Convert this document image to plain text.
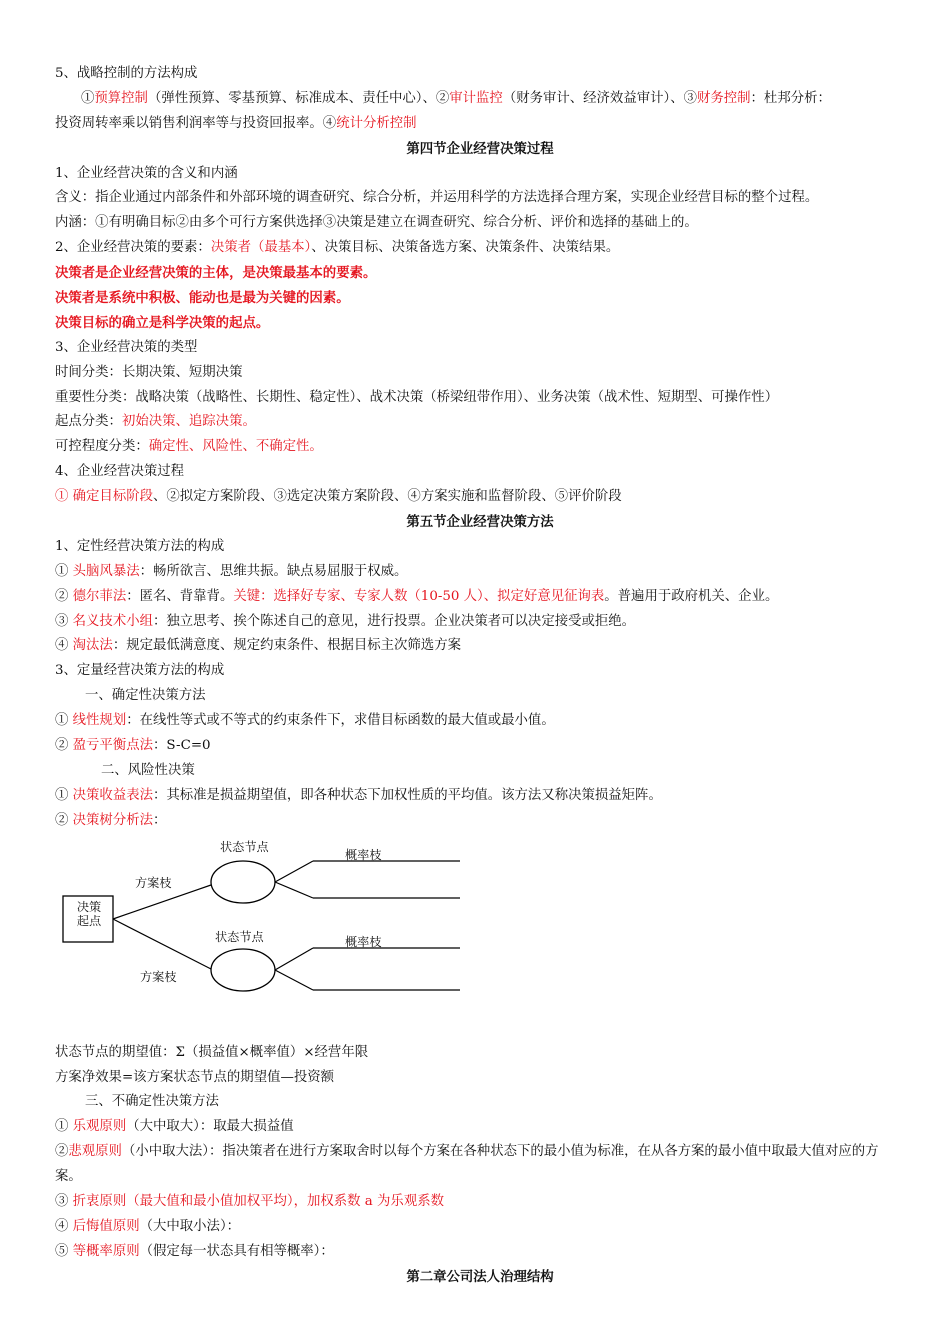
5、战略控制的方法构成
①预算控制（弹性预算、零基预算、标准成本、责任中心）、②审计监控（财务审计、经济效益审计）、③财务控制：杜邦分析：
投资周转率乘以销售利润率等与投资回报率。④统计分析控制
第四节企业经营决策过程
1、企业经营决策的含义和内涵
含义：指企业通过内部条件和外部环境的调查研究、综合分析，并运用科学的方法选择合理方案，实现企业经营目标的整个过程。
内涵：①有明确目标②由多个可行方案供选择③决策是建立在调查研究、综合分析、评价和选择的基础上的。
2、企业经营决策的要素：决策者（最基本）、决策目标、决策备选方案、决策条件、决策结果。
决策者是企业经营决策的主体，是决策最基本的要素。
决策者是系统中积极、能动也是最为关键的因素。
决策目标的确立是科学决策的起点。
3、企业经营决策的类型
时间分类：长期决策、短期决策
重要性分类：战略决策（战略性、长期性、稳定性）、战术决策（桥梁纽带作用）、业务决策（战术性、短期型、可操作性）
起点分类：初始决策、追踪决策。
可控程度分类：确定性、风险性、不确定性。
4、企业经营决策过程
① 确定目标阶段、②拟定方案阶段、③选定决策方案阶段、④方案实施和监督阶段、⑤评价阶段
第五节企业经营决策方法
1、定性经营决策方法的构成
① 头脑风暴法：畅所欲言、思维共振。缺点易屈服于权威。
② 德尔菲法：匿名、背靠背。关键：选择好专家、专家人数（10-50 人）、拟定好意见征询表。普遍用于政府机关、企业。
③ 名义技术小组：独立思考、挨个陈述自己的意见，进行投票。企业决策者可以决定接受或拒绝。
④ 淘汰法：规定最低满意度、规定约束条件、根据目标主次筛选方案
3、定量经营决策方法的构成
一、确定性决策方法
① 线性规划：在线性等式或不等式的约束条件下，求借目标函数的最大值或最小值。
② 盈亏平衡点法：S-C=0
二、风险性决策
① 决策收益表法：其标准是损益期望值，即各种状态下加权性质的平均值。该方法又称决策损益矩阵。
② 决策树分析法：
状态节点
概率枝
方案枝
决策起点
状态节点	概率枝
方案枝
状态节点的期望值：Σ（损益值×概率值）×经营年限
方案净效果=该方案状态节点的期望值—投资额
三、不确定性决策方法
① 乐观原则（大中取大）：取最大损益值
②悲观原则（小中取大法）：指决策者在进行方案取舍时以每个方案在各种状态下的最小值为标准，在从各方案的最小值中取最大值对应的方案。
③ 折衷原则（最大值和最小值加权平均），加权系数 a 为乐观系数
④ 后悔值原则（大中取小法）：
⑤ 等概率原则（假定每一状态具有相等概率）：
第二章公司法人治理结构
